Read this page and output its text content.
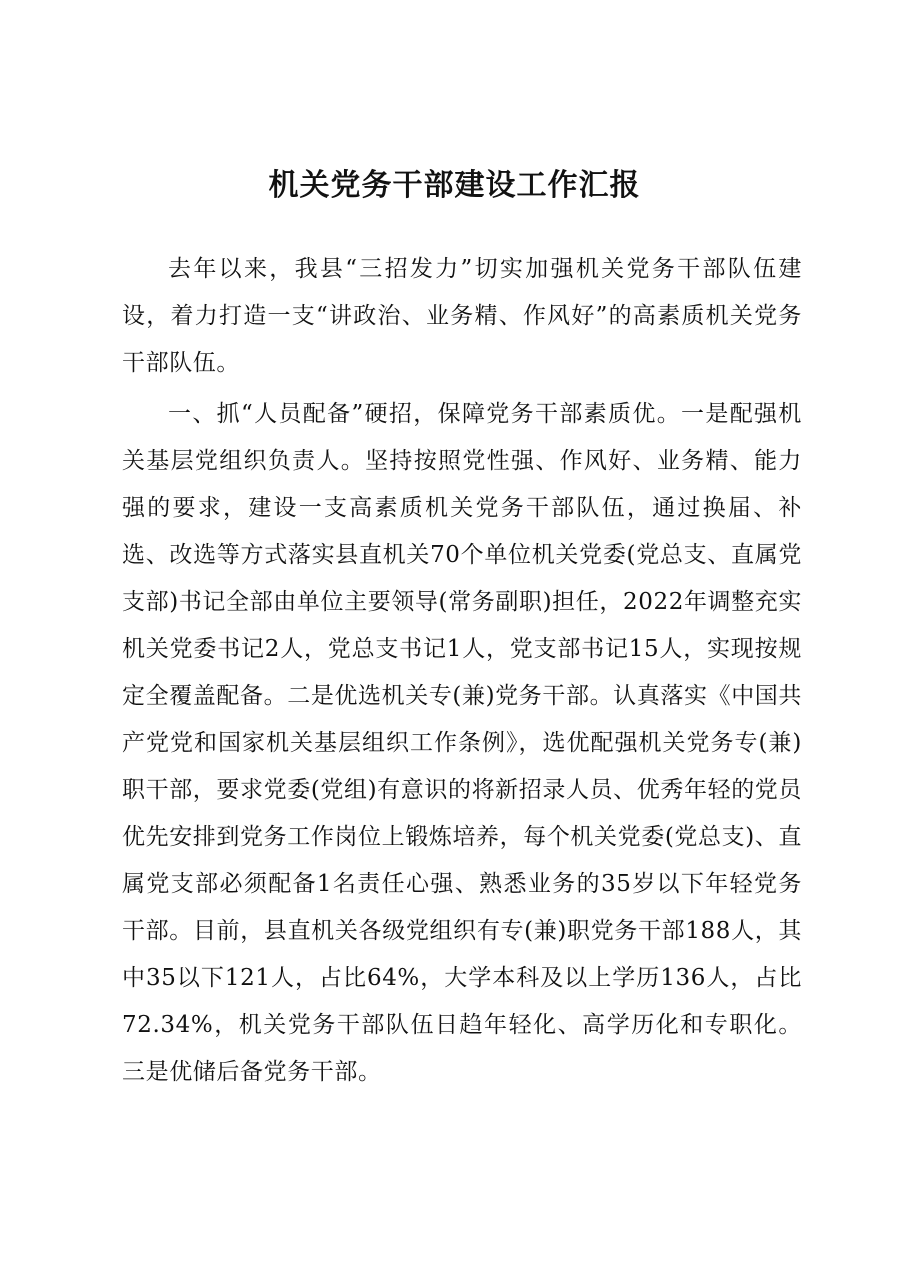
机关党务干部建设工作汇报

去年以来，我县“三招发力”切实加强机关党务干部队伍建设，着力打造一支“讲政治、业务精、作风好”的高素质机关党务干部队伍。

一、抓“人员配备”硬招，保障党务干部素质优。一是配强机关基层党组织负责人。坚持按照党性强、作风好、业务精、能力强的要求，建设一支高素质机关党务干部队伍，通过换届、补选、改选等方式落实县直机关70个单位机关党委(党总支、直属党支部)书记全部由单位主要领导(常务副职)担任，2022年调整充实机关党委书记2人，党总支书记1人，党支部书记15人，实现按规定全覆盖配备。二是优选机关专(兼)党务干部。认真落实《中国共产党党和国家机关基层组织工作条例》，选优配强机关党务专(兼)职干部，要求党委(党组)有意识的将新招录人员、优秀年轻的党员优先安排到党务工作岗位上锻炼培养，每个机关党委(党总支)、直属党支部必须配备1名责任心强、熟悉业务的35岁以下年轻党务干部。目前，县直机关各级党组织有专(兼)职党务干部188人，其中35以下121人，占比64%，大学本科及以上学历136人，占比72.34%，机关党务干部队伍日趋年轻化、高学历化和专职化。三是优储后备党务干部。
